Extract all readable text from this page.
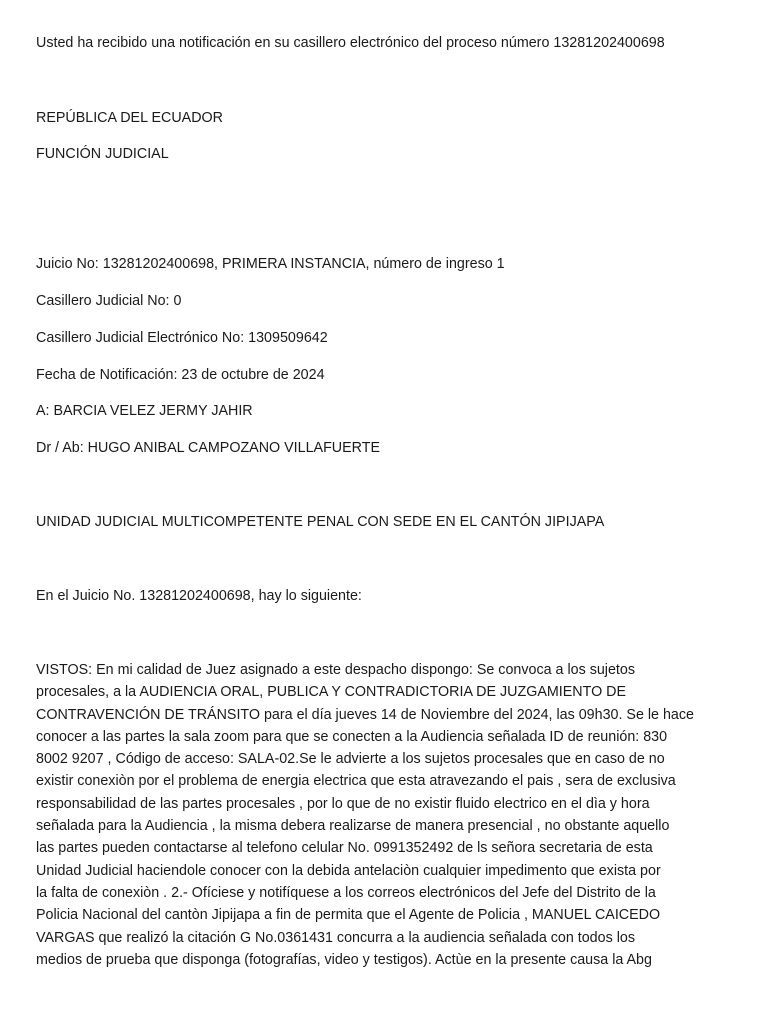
Usted ha recibido una notificación en su casillero electrónico del proceso número 13281202400698
REPÚBLICA DEL ECUADOR
FUNCIÓN JUDICIAL
Juicio No: 13281202400698, PRIMERA INSTANCIA, número de ingreso 1
Casillero Judicial No: 0
Casillero Judicial Electrónico No: 1309509642
Fecha de Notificación: 23 de octubre de 2024
A: BARCIA VELEZ JERMY JAHIR
Dr / Ab: HUGO ANIBAL CAMPOZANO VILLAFUERTE
UNIDAD JUDICIAL MULTICOMPETENTE PENAL CON SEDE EN EL CANTÓN JIPIJAPA
En el Juicio No. 13281202400698, hay lo siguiente:
VISTOS: En mi calidad de Juez asignado a este despacho dispongo: Se convoca a los sujetos
procesales, a la AUDIENCIA ORAL, PUBLICA Y CONTRADICTORIA DE JUZGAMIENTO DE
CONTRAVENCIÓN DE TRÁNSITO para el día jueves 14 de Noviembre del 2024, las 09h30. Se le hace
conocer a las partes la sala zoom para que se conecten a la Audiencia señalada ID de reunión: 830
8002 9207 , Código de acceso: SALA-02.Se le advierte a los sujetos procesales que en caso de no
existir conexiòn por el problema de energia electrica que esta atravezando el pais , sera de exclusiva
responsabilidad de las partes procesales , por lo que de no existir fluido electrico en el dìa y hora
señalada para la Audiencia , la misma debera realizarse de manera presencial , no obstante aquello
las partes pueden contactarse al telefono celular No. 0991352492 de ls señora secretaria de esta
Unidad Judicial haciendole conocer con la debida antelaciòn cualquier impedimento que exista por
la falta de conexiòn . 2.- Ofíciese y notifíquese a los correos electrónicos del Jefe del Distrito de la
Policia Nacional del cantòn Jipijapa a fin de permita que el Agente de Policia , MANUEL CAICEDO
VARGAS que realizó la citación G No.0361431 concurra a la audiencia señalada con todos los
medios de prueba que disponga (fotografías, video y testigos). Actùe en la presente causa la Abg
